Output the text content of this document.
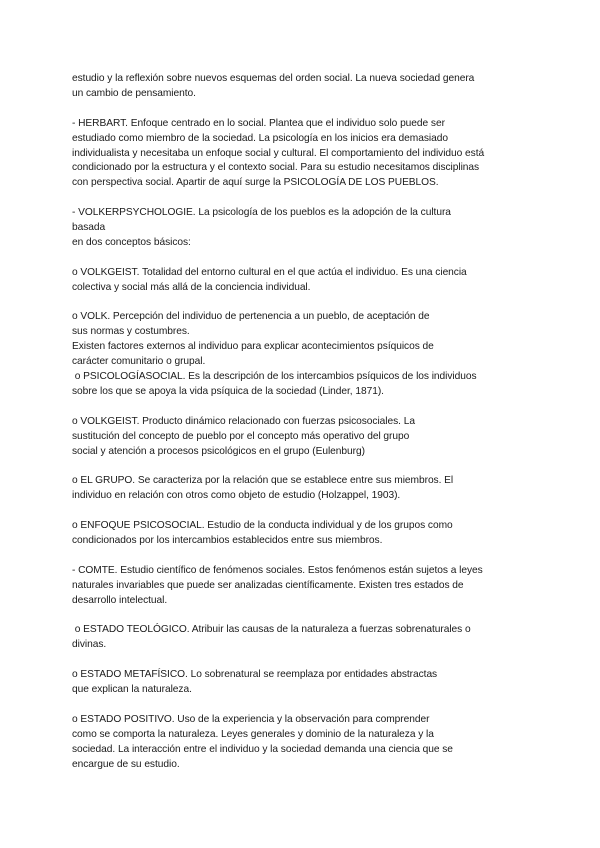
estudio y la reflexión sobre nuevos esquemas del orden social. La nueva sociedad genera
un cambio de pensamiento.

- HERBART. Enfoque centrado en lo social. Plantea que el individuo solo puede ser
estudiado como miembro de la sociedad. La psicología en los inicios era demasiado
individualista y necesitaba un enfoque social y cultural. El comportamiento del individuo está
condicionado por la estructura y el contexto social. Para su estudio necesitamos disciplinas
con perspectiva social. Apartir de aquí surge la PSICOLOGÍA DE LOS PUEBLOS.

- VOLKERPSYCHOLOGIE. La psicología de los pueblos es la adopción de la cultura
basada
en dos conceptos básicos:

o VOLKGEIST. Totalidad del entorno cultural en el que actúa el individuo. Es una ciencia
colectiva y social más allá de la conciencia individual.

o VOLK. Percepción del individuo de pertenencia a un pueblo, de aceptación de
sus normas y costumbres.
Existen factores externos al individuo para explicar acontecimientos psíquicos de
carácter comunitario o grupal.
o PSICOLOGÍASOCIAL. Es la descripción de los intercambios psíquicos de los individuos
sobre los que se apoya la vida psíquica de la sociedad (Linder, 1871).

o VOLKGEIST. Producto dinámico relacionado con fuerzas psicosociales. La
sustitución del concepto de pueblo por el concepto más operativo del grupo
social y atención a procesos psicológicos en el grupo (Eulenburg)

o EL GRUPO. Se caracteriza por la relación que se establece entre sus miembros. El
individuo en relación con otros como objeto de estudio (Holzappel, 1903).

o ENFOQUE PSICOSOCIAL. Estudio de la conducta individual y de los grupos como
condicionados por los intercambios establecidos entre sus miembros.

- COMTE. Estudio científico de fenómenos sociales. Estos fenómenos están sujetos a leyes
naturales invariables que puede ser analizadas científicamente. Existen tres estados de
desarrollo intelectual.

o ESTADO TEOLÓGICO. Atribuir las causas de la naturaleza a fuerzas sobrenaturales o
divinas.

o ESTADO METAFÍSICO. Lo sobrenatural se reemplaza por entidades abstractas
que explican la naturaleza.

o ESTADO POSITIVO. Uso de la experiencia y la observación para comprender
como se comporta la naturaleza. Leyes generales y dominio de la naturaleza y la
sociedad. La interacción entre el individuo y la sociedad demanda una ciencia que se
encargue de su estudio.
